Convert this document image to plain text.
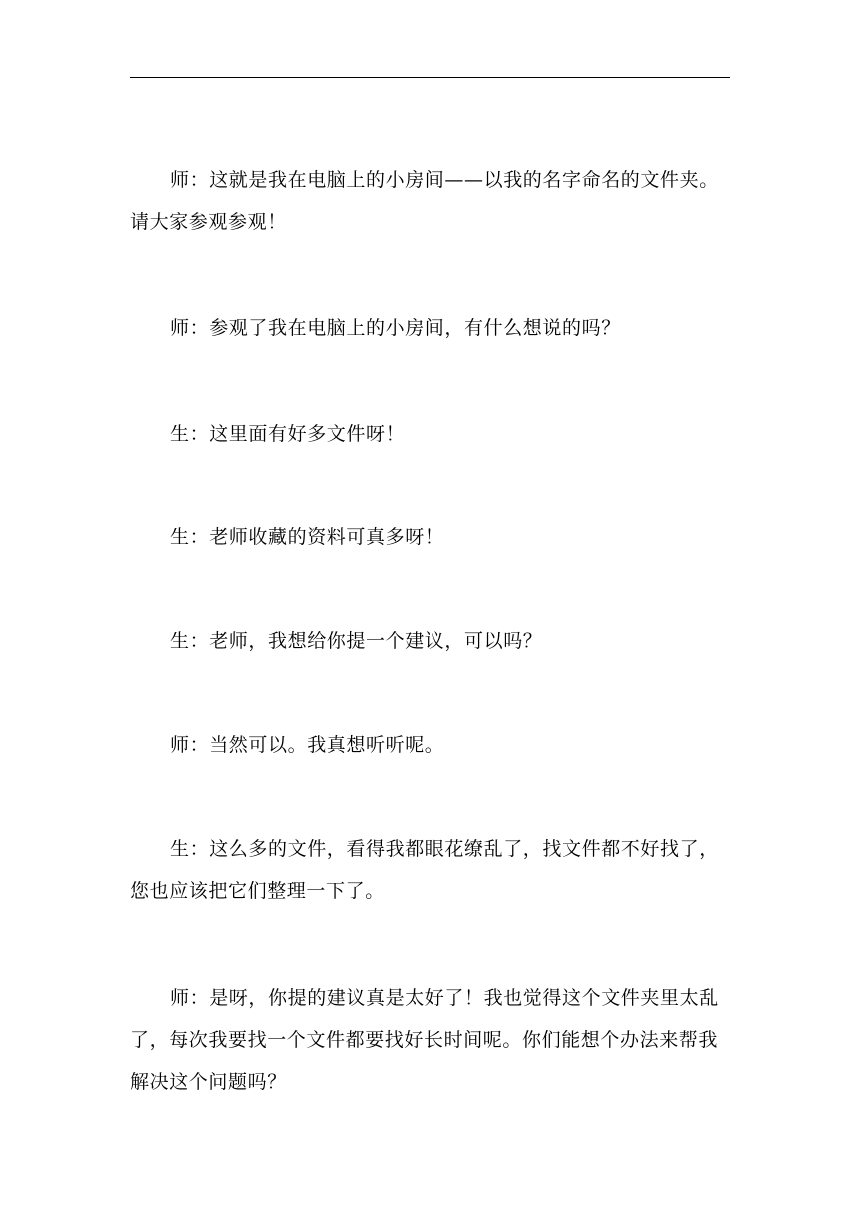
师：这就是我在电脑上的小房间——以我的名字命名的文件夹。
请大家参观参观！

师：参观了我在电脑上的小房间，有什么想说的吗？

生：这里面有好多文件呀！

生：老师收藏的资料可真多呀！

生：老师，我想给你提一个建议，可以吗？

师：当然可以。我真想听听呢。

生：这么多的文件，看得我都眼花缭乱了，找文件都不好找了，
您也应该把它们整理一下了。

师：是呀，你提的建议真是太好了！我也觉得这个文件夹里太乱
了，每次我要找一个文件都要找好长时间呢。你们能想个办法来帮我
解决这个问题吗？
